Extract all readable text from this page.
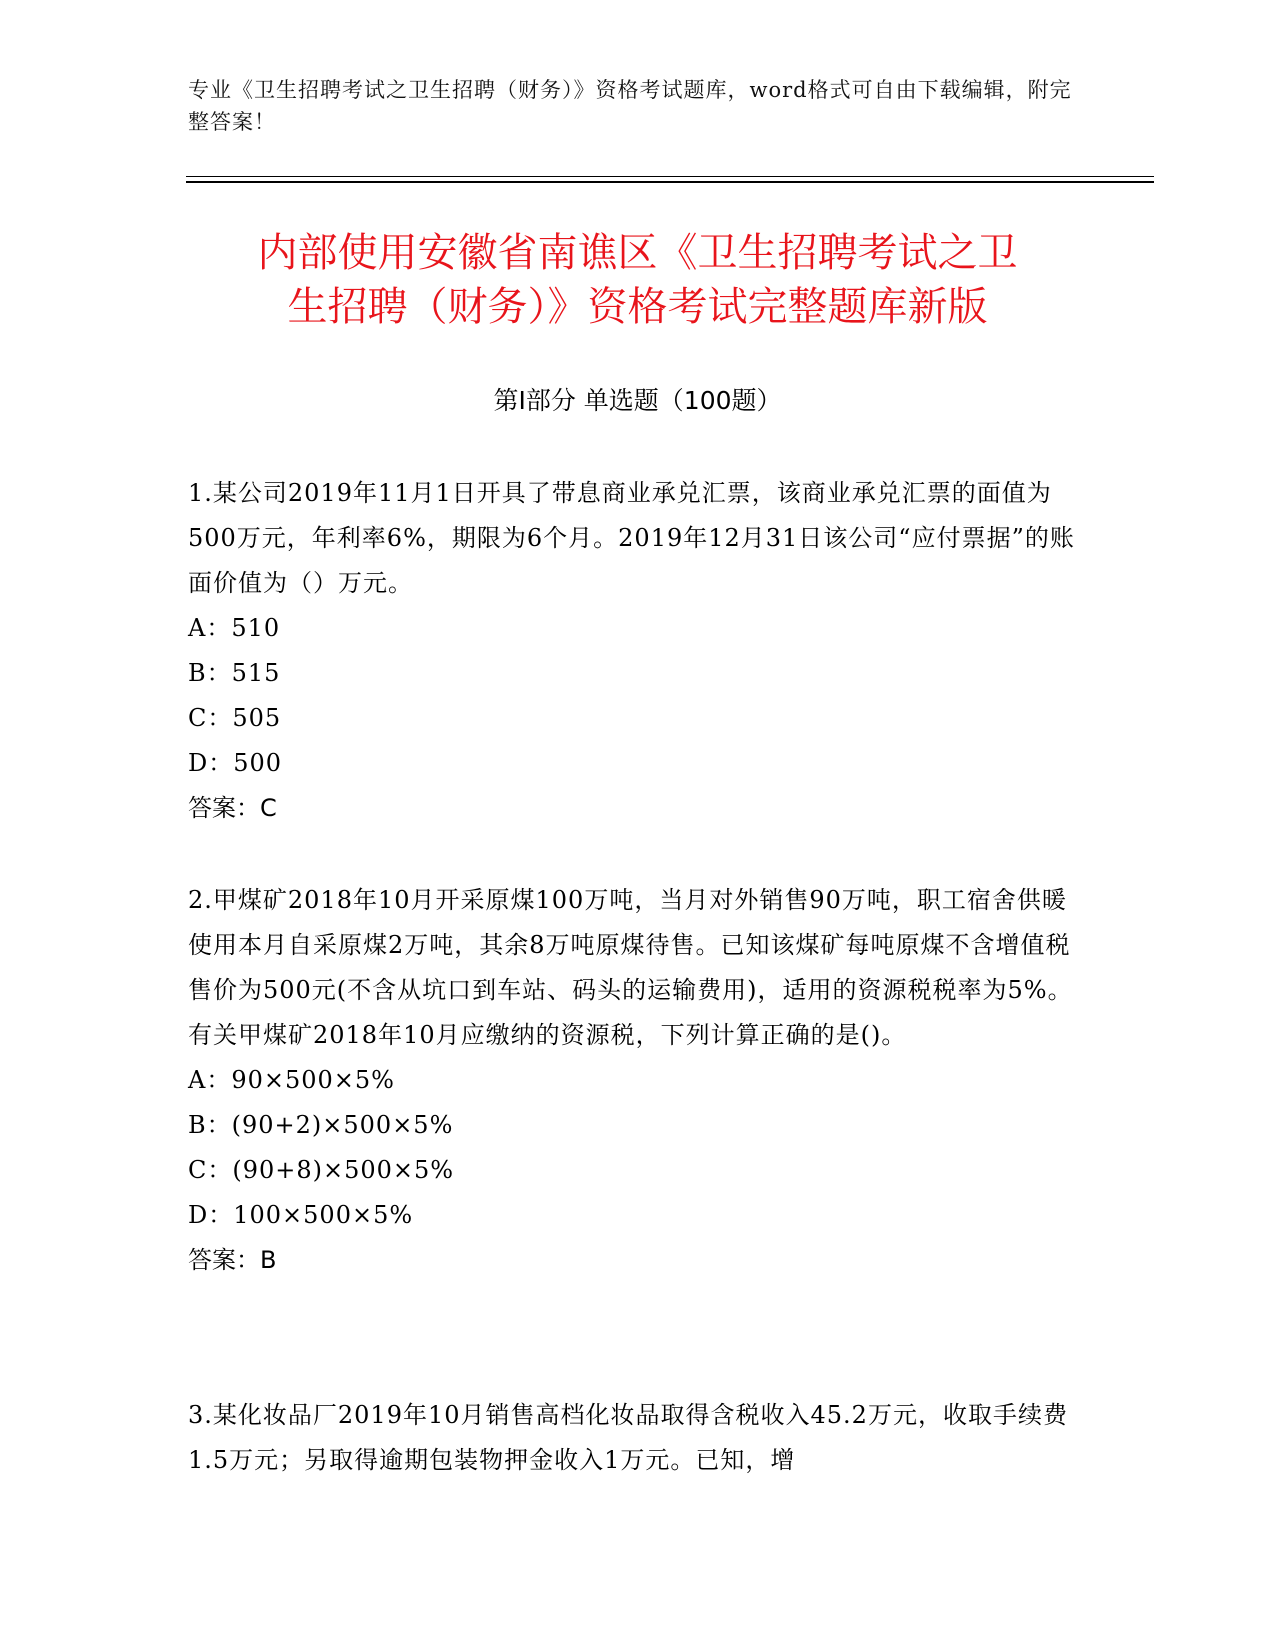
专业《卫生招聘考试之卫生招聘（财务）》资格考试题库，word格式可自由下载编辑，附完整答案！
内部使用安徽省南谯区《卫生招聘考试之卫
生招聘（财务）》资格考试完整题库新版
第Ⅰ部分 单选题（100题）

1.某公司2019年11月1日开具了带息商业承兑汇票，该商业承兑汇票的面值为500万元，年利率6%，期限为6个月。2019年12月31日该公司“应付票据”的账面价值为（）万元。

A：510

B：515

C：505

D：500

答案：C

2.甲煤矿2018年10月开采原煤100万吨，当月对外销售90万吨，职工宿舍供暖使用本月自采原煤2万吨，其余8万吨原煤待售。已知该煤矿每吨原煤不含增值税售价为500元(不含从坑口到车站、码头的运输费用)，适用的资源税税率为5%。有关甲煤矿2018年10月应缴纳的资源税，下列计算正确的是()。

A：90×500×5%

B：(90+2)×500×5%

C：(90+8)×500×5%

D：100×500×5%

答案：B

3.某化妆品厂2019年10月销售高档化妆品取得含税收入45.2万元，收取手续费1.5万元；另取得逾期包装物押金收入1万元。已知，增
